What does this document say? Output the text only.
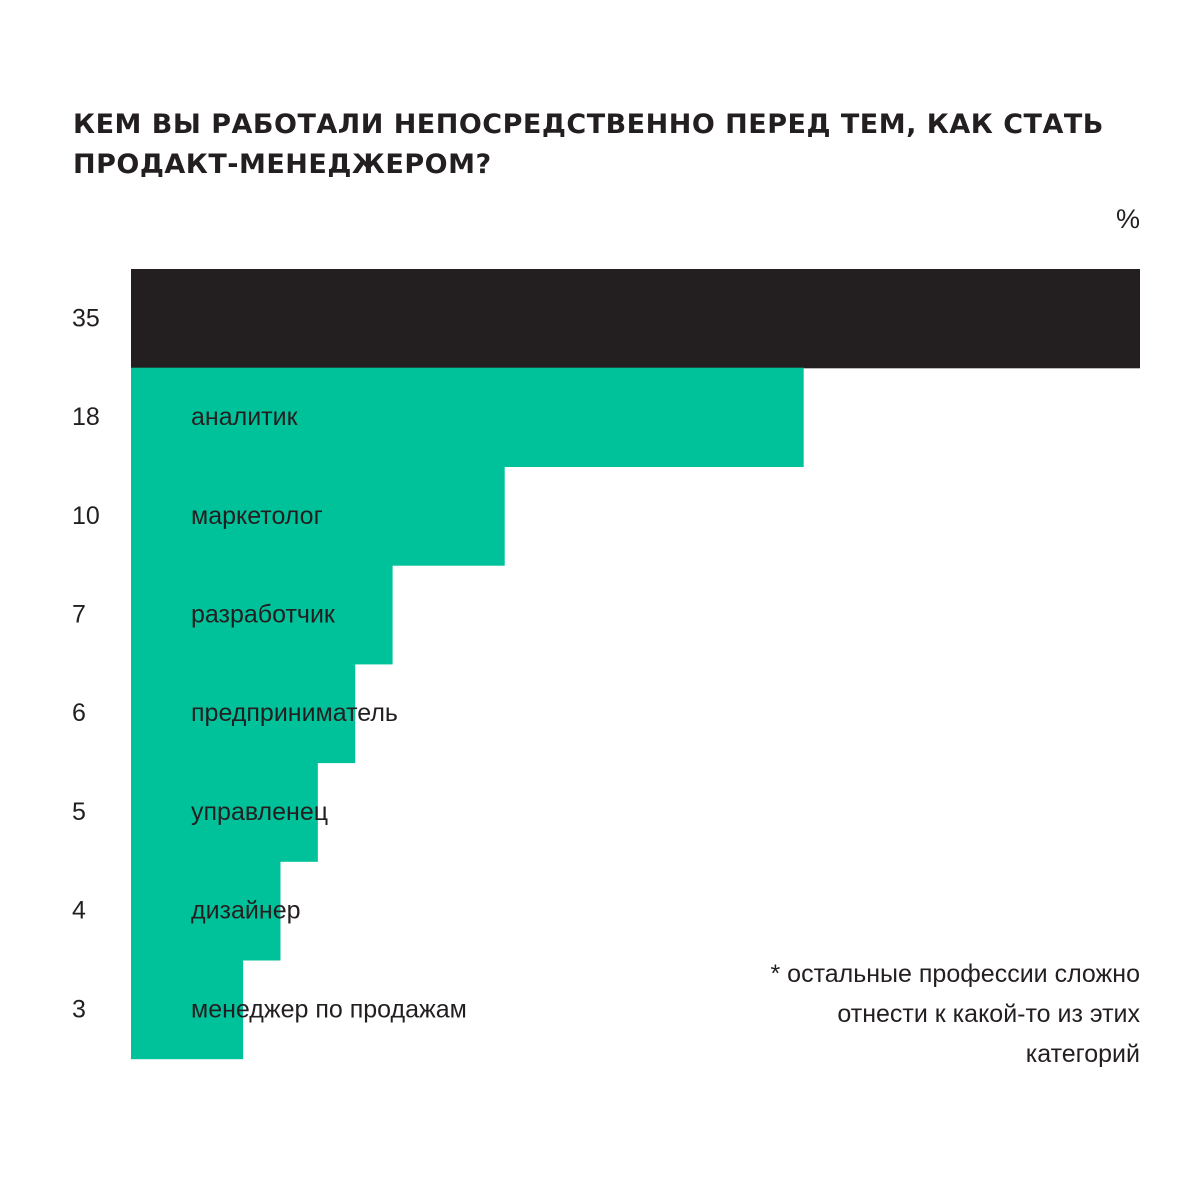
КЕМ ВЫ РАБОТАЛИ НЕПОСРЕДСТВЕННО ПЕРЕД ТЕМ, КАК СТАТЬ ПРОДАКТ-МЕНЕДЖЕРОМ?
%
35	проджект-менеджер
18	аналитик
10	маркетолог
7	разработчик
6	предприниматель
5	управленец
4	дизайнер
3	менеджер по продажам
* остальные профессии сложно отнести к какой-то из этих категорий
